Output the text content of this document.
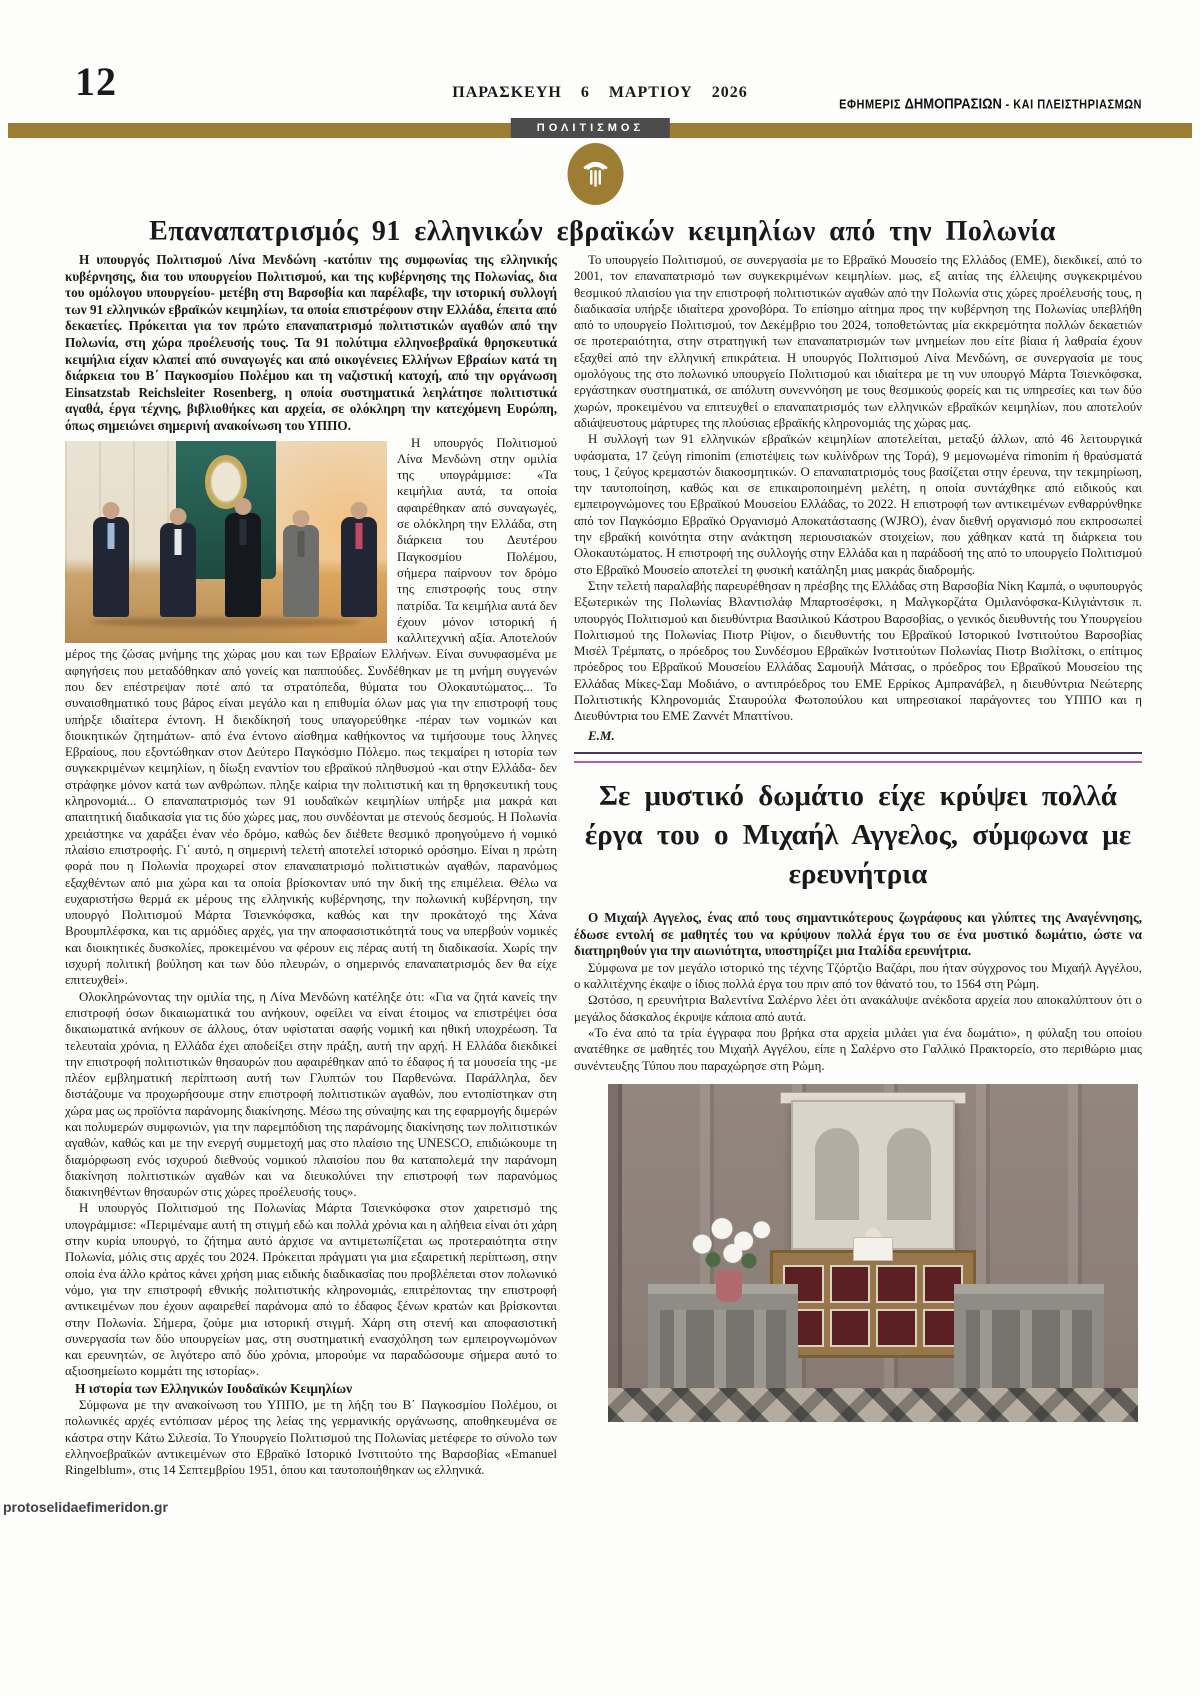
12	ΠΑΡΑΣΚΕΥΗ 6 ΜΑΡΤΙΟΥ 2026
ΕΦΗΜΕΡΙΣ ΔΗΜΟΠΡΑΣΙΩΝ - ΚΑΙ ΠΛΕΙΣΤΗΡΙΑΣΜΩΝ
ΠΟΛΙΤΙΣΜΟΣ
Επαναπατρισμός 91 ελληνικών εβραϊκών κειμηλίων από την Πολωνία

Η υπουργός Πολιτισμού Λίνα Μενδώνη -κατόπιν της συμφωνίας της ελληνικής κυβέρνησης, δια του υπουργείου Πολιτισμού, και της κυβέρνησης της Πολωνίας, δια του ομόλογου υπουργείου- μετέβη στη Βαρσοβία και παρέλαβε, την ιστορική συλλογή των 91 ελληνικών εβραϊκών κειμηλίων, τα οποία επιστρέφουν στην Ελλάδα, έπειτα από δεκαετίες. Πρόκειται για τον πρώτο επαναπατρισμό πολιτιστικών αγαθών από την Πολωνία, στη χώρα προέλευσής τους. Τα 91 πολύτιμα ελληνοεβραϊκά θρησκευτικά κειμήλια είχαν κλαπεί από συναγωγές και από οικογένειες Ελλήνων Εβραίων κατά τη διάρκεια του Β΄ Παγκοσμίου Πολέμου και τη ναζιστική κατοχή, από την οργάνωση Einsatzstab Reichsleiter Rosenberg, η οποία συστηματικά λεηλάτησε πολιτιστικά αγαθά, έργα τέχνης, βιβλιοθήκες και αρχεία, σε ολόκληρη την κατεχόμενη Ευρώπη, όπως σημειώνει σημερινή ανακοίνωση του ΥΠΠΟ.

Η υπουργός Πολιτισμού Λίνα Μενδώνη στην ομιλία της υπογράμμισε: «Τα κειμήλια αυτά, τα οποία αφαιρέθηκαν από συναγωγές, σε ολόκληρη την Ελλάδα, στη διάρκεια του Δευτέρου Παγκοσμίου Πολέμου, σήμερα παίρνουν τον δρόμο της επιστροφής τους στην πατρίδα. Τα κειμήλια αυτά δεν έχουν μόνον ιστορική ή καλλιτεχνική αξία. Αποτελούν μέρος της ζώσας μνήμης της χώρας μου και των Εβραίων Ελλήνων. Είναι συνυφασμένα με αφηγήσεις που μεταδόθηκαν από γονείς και παππούδες. Συνδέθηκαν με τη μνήμη συγγενών που δεν επέστρεψαν ποτέ από τα στρατόπεδα, θύματα του Ολοκαυτώματος... Το συναισθηματικό τους βάρος είναι μεγάλο και η επιθυμία όλων μας για την επιστροφή τους υπήρξε ιδιαίτερα έντονη. Η διεκδίκησή τους υπαγορεύθηκε -πέραν των νομικών και διοικητικών ζητημάτων- από ένα έντονο αίσθημα καθήκοντος να τιμήσουμε τους λληνες Εβραίους, που εξοντώθηκαν στον Δεύτερο Παγκόσμιο Πόλεμο. πως τεκμαίρει η ιστορία των συγκεκριμένων κειμηλίων, η δίωξη εναντίον του εβραϊκού πληθυσμού -και στην Ελλάδα- δεν στράφηκε μόνον κατά των ανθρώπων. πληξε καίρια την πολιτιστική και τη θρησκευτική τους κληρονομιά... Ο επαναπατρισμός των 91 ιουδαϊκών κειμηλίων υπήρξε μια μακρά και απαιτητική διαδικασία για τις δύο χώρες μας, που συνδέονται με στενούς δεσμούς. Η Πολωνία χρειάστηκε να χαράξει έναν νέο δρόμο, καθώς δεν διέθετε θεσμικό προηγούμενο ή νομικό πλαίσιο επιστροφής. Γι΄ αυτό, η σημερινή τελετή αποτελεί ιστορικό ορόσημο. Είναι η πρώτη φορά που η Πολωνία προχωρεί στον επαναπατρισμό πολιτιστικών αγαθών, παρανόμως εξαχθέντων από μια χώρα και τα οποία βρίσκονταν υπό την δική της επιμέλεια. Θέλω να ευχαριστήσω θερμά εκ μέρους της ελληνικής κυβέρνησης, την πολωνική κυβέρνηση, την υπουργό Πολιτισμού Μάρτα Τσιενκόφσκα, καθώς και την προκάτοχό της Χάνα Βρουμπλέφσκα, και τις αρμόδιες αρχές, για την αποφασιστικότητά τους να υπερβούν νομικές και διοικητικές δυσκολίες, προκειμένου να φέρουν εις πέρας αυτή τη διαδικασία. Χωρίς την ισχυρή πολιτική βούληση και των δύο πλευρών, ο σημερινός επαναπατρισμός δεν θα είχε επιτευχθεί».

Ολοκληρώνοντας την ομιλία της, η Λίνα Μενδώνη κατέληξε ότι: «Για να ζητά κανείς την επιστροφή όσων δικαιωματικά του ανήκουν, οφείλει να είναι έτοιμος να επιστρέψει όσα δικαιωματικά ανήκουν σε άλλους, όταν υφίσταται σαφής νομική και ηθική υποχρέωση. Τα τελευταία χρόνια, η Ελλάδα έχει αποδείξει στην πράξη, αυτή την αρχή. Η Ελλάδα διεκδικεί την επιστροφή πολιτιστικών θησαυρών που αφαιρέθηκαν από το έδαφος ή τα μουσεία της -με πλέον εμβληματική περίπτωση αυτή των Γλυπτών του Παρθενώνα. Παράλληλα, δεν διστάζουμε να προχωρήσουμε στην επιστροφή πολιτιστικών αγαθών, που εντοπίστηκαν στη χώρα μας ως προϊόντα παράνομης διακίνησης. Μέσω της σύναψης και της εφαρμογής διμερών και πολυμερών συμφωνιών, για την παρεμπόδιση της παράνομης διακίνησης των πολιτιστικών αγαθών, καθώς και με την ενεργή συμμετοχή μας στο πλαίσιο της UNESCO, επιδιώκουμε τη διαμόρφωση ενός ισχυρού διεθνούς νομικού πλαισίου που θα καταπολεμά την παράνομη διακίνηση πολιτιστικών αγαθών και να διευκολύνει την επιστροφή των παρανόμως διακινηθέντων θησαυρών στις χώρες προέλευσής τους».

Η υπουργός Πολιτισμού της Πολωνίας Μάρτα Τσιενκόφσκα στον χαιρετισμό της υπογράμμισε: «Περιμέναμε αυτή τη στιγμή εδώ και πολλά χρόνια και η αλήθεια είναι ότι χάρη στην κυρία υπουργό, το ζήτημα αυτό άρχισε να αντιμετωπίζεται ως προτεραιότητα στην Πολωνία, μόλις στις αρχές του 2024. Πρόκειται πράγματι για μια εξαιρετική περίπτωση, στην οποία ένα άλλο κράτος κάνει χρήση μιας ειδικής διαδικασίας που προβλέπεται στον πολωνικό νόμο, για την επιστροφή εθνικής πολιτιστικής κληρονομιάς, επιτρέποντας την επιστροφή αντικειμένων που έχουν αφαιρεθεί παράνομα από το έδαφος ξένων κρατών και βρίσκονται στην Πολωνία. Σήμερα, ζούμε μια ιστορική στιγμή. Χάρη στη στενή και αποφασιστική συνεργασία των δύο υπουργείων μας, στη συστηματική ενασχόληση των εμπειρογνωμόνων και ερευνητών, σε λιγότερο από δύο χρόνια, μπορούμε να παραδώσουμε σήμερα αυτό το αξιοσημείωτο κομμάτι της ιστορίας».

Η ιστορία των Ελληνικών Ιουδαϊκών Κειμηλίων

Σύμφωνα με την ανακοίνωση του ΥΠΠΟ, με τη λήξη του Β΄ Παγκοσμίου Πολέμου, οι πολωνικές αρχές εντόπισαν μέρος της λείας της γερμανικής οργάνωσης, αποθηκευμένα σε κάστρα στην Κάτω Σιλεσία. Το Υπουργείο Πολιτισμού της Πολωνίας μετέφερε το σύνολο των ελληνοεβραϊκών αντικειμένων στο Εβραϊκό Ιστορικό Ινστιτούτο της Βαρσοβίας «Emanuel Ringelblum», στις 14 Σεπτεμβρίου 1951, όπου και ταυτοποιήθηκαν ως ελληνικά.

Το υπουργείο Πολιτισμού, σε συνεργασία με το Εβραϊκό Μουσείο της Ελλάδος (ΕΜΕ), διεκδικεί, από το 2001, τον επαναπατρισμό των συγκεκριμένων κειμηλίων. μως, εξ αιτίας της έλλειψης συγκεκριμένου θεσμικού πλαισίου για την επιστροφή πολιτιστικών αγαθών από την Πολωνία στις χώρες προέλευσής τους, η διαδικασία υπήρξε ιδιαίτερα χρονοβόρα. Το επίσημο αίτημα προς την κυβέρνηση της Πολωνίας υπεβλήθη από το υπουργείο Πολιτισμού, τον Δεκέμβριο του 2024, τοποθετώντας μία εκκρεμότητα πολλών δεκαετιών σε προτεραιότητα, στην στρατηγική των επαναπατρισμών των μνημείων που είτε βίαια ή λαθραία έχουν εξαχθεί από την ελληνική επικράτεια. Η υπουργός Πολιτισμού Λίνα Μενδώνη, σε συνεργασία με τους ομολόγους της στο πολωνικό υπουργείο Πολιτισμού και ιδιαίτερα με τη νυν υπουργό Μάρτα Τσιενκόφσκα, εργάστηκαν συστηματικά, σε απόλυτη συνεννόηση με τους θεσμικούς φορείς και τις υπηρεσίες και των δύο χωρών, προκειμένου να επιτευχθεί ο επαναπατρισμός των ελληνικών εβραϊκών κειμηλίων, που αποτελούν αδιάψευστους μάρτυρες της πλούσιας εβραϊκής κληρονομιάς της χώρας μας.

Η συλλογή των 91 ελληνικών εβραϊκών κειμηλίων αποτελείται, μεταξύ άλλων, από 46 λειτουργικά υφάσματα, 17 ζεύγη rimonim (επιστέψεις των κυλίνδρων της Τορά), 9 μεμονωμένα rimonim ή θραύσματά τους, 1 ζεύγος κρεμαστών διακοσμητικών. Ο επαναπατρισμός τους βασίζεται στην έρευνα, την τεκμηρίωση, την ταυτοποίηση, καθώς και σε επικαιροποιημένη μελέτη, η οποία συντάχθηκε από ειδικούς και εμπειρογνώμονες του Εβραϊκού Μουσείου Ελλάδας, το 2022. Η επιστροφή των αντικειμένων ενθαρρύνθηκε από τον Παγκόσμιο Εβραϊκό Οργανισμό Αποκατάστασης (WJRO), έναν διεθνή οργανισμό που εκπροσωπεί την εβραϊκή κοινότητα στην ανάκτηση περιουσιακών στοιχείων, που χάθηκαν κατά τη διάρκεια του Ολοκαυτώματος. Η επιστροφή της συλλογής στην Ελλάδα και η παράδοσή της από το υπουργείο Πολιτισμού στο Εβραϊκό Μουσείο αποτελεί τη φυσική κατάληξη μιας μακράς διαδρομής.

Στην τελετή παραλαβής παρευρέθησαν η πρέσβης της Ελλάδας στη Βαρσοβία Νίκη Καμπά, ο υφυπουργός Εξωτερικών της Πολωνίας Βλαντισλάφ Μπαρτοσέφσκι, η Μαλγκορζάτα Ομιλανόφσκα-Κιλγιάντσικ π. υπουργός Πολιτισμού και διευθύντρια Βασιλικού Κάστρου Βαρσοβίας, ο γενικός διευθυντής του Υπουργείου Πολιτισμού της Πολωνίας Πιοτρ Ρίψον, ο διευθυντής του Εβραϊκού Ιστορικού Ινστιτούτου Βαρσοβίας Μισέλ Τρέμπατς, ο πρόεδρος του Συνδέσμου Εβραϊκών Ινστιτούτων Πολωνίας Πιοτρ Βισλίτσκι, ο επίτιμος πρόεδρος του Εβραϊκού Μουσείου Ελλάδας Σαμουήλ Μάτσας, ο πρόεδρος του Εβραϊκού Μουσείου της Ελλάδας Μίκες-Σαμ Μοδιάνο, ο αντιπρόεδρος του ΕΜΕ Ερρίκος Αμπρανάβελ, η διευθύντρια Νεώτερης Πολιτιστικής Κληρονομιάς Σταυρούλα Φωτοπούλου και υπηρεσιακοί παράγοντες του ΥΠΠΟ και η Διευθύντρια του ΕΜΕ Ζαννέτ Μπαττίνου.

Ε.Μ.

Σε μυστικό δωμάτιο είχε κρύψει πολλά έργα του ο Μιχαήλ Αγγελος, σύμφωνα με ερευνήτρια

Ο Μιχαήλ Αγγελος, ένας από τους σημαντικότερους ζωγράφους και γλύπτες της Αναγέννησης, έδωσε εντολή σε μαθητές του να κρύψουν πολλά έργα του σε ένα μυστικό δωμάτιο, ώστε να διατηρηθούν για την αιωνιότητα, υποστηρίζει μια Ιταλίδα ερευνήτρια.

Σύμφωνα με τον μεγάλο ιστορικό της τέχνης Τζόρτζιο Βαζάρι, που ήταν σύγχρονος του Μιχαήλ Αγγέλου, ο καλλιτέχνης έκαψε ο ίδιος πολλά έργα του πριν από τον θάνατό του, το 1564 στη Ρώμη.

Ωστόσο, η ερευνήτρια Βαλεντίνα Σαλέρνο λέει ότι ανακάλυψε ανέκδοτα αρχεία που αποκαλύπτουν ότι ο μεγάλος δάσκαλος έκρυψε κάποια από αυτά.

«Το ένα από τα τρία έγγραφα που βρήκα στα αρχεία μιλάει για ένα δωμάτιο», η φύλαξη του οποίου ανατέθηκε σε μαθητές του Μιχαήλ Αγγέλου, είπε η Σαλέρνο στο Γαλλικό Πρακτορείο, στο περιθώριο μιας συνέντευξης Τύπου που παραχώρησε στη Ρώμη.

protoselidaefimeridon.gr
